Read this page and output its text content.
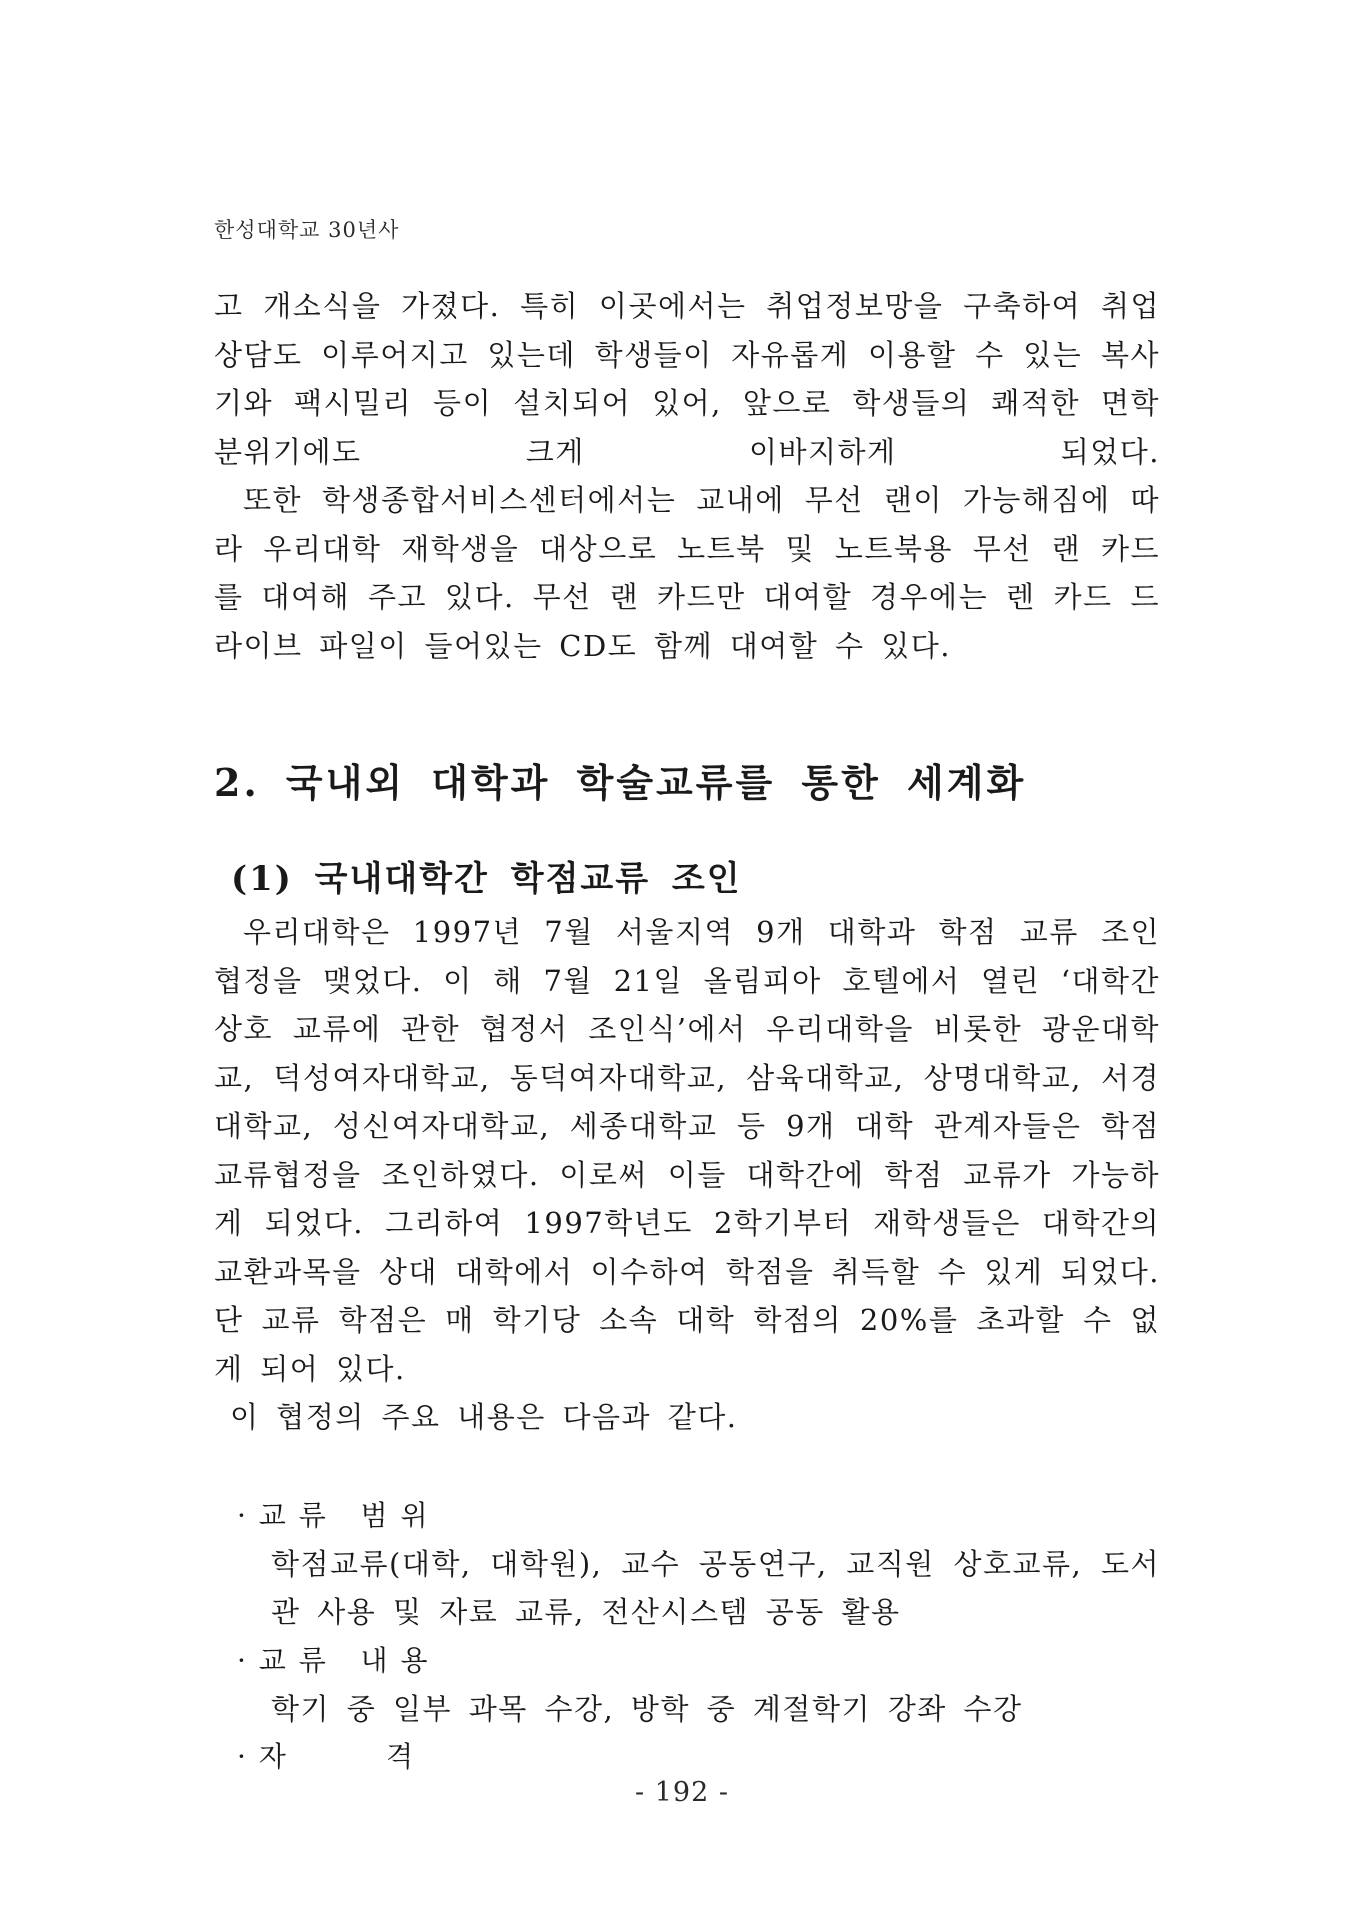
한성대학교 30년사

고 개소식을 가졌다. 특히 이곳에서는 취업정보망을 구축하여 취업 상담도 이루어지고 있는데 학생들이 자유롭게 이용할 수 있는 복사기와 팩시밀리 등이 설치되어 있어, 앞으로 학생들의 쾌적한 면학 분위기에도 크게 이바지하게 되었다.

또한 학생종합서비스센터에서는 교내에 무선 랜이 가능해짐에 따라 우리대학 재학생을 대상으로 노트북 및 노트북용 무선 랜 카드를 대여해 주고 있다. 무선 랜 카드만 대여할 경우에는 렌 카드 드라이브 파일이 들어있는 CD도 함께 대여할 수 있다.

2. 국내외 대학과 학술교류를 통한 세계화
(1) 국내대학간 학점교류 조인

우리대학은 1997년 7월 서울지역 9개 대학과 학점 교류 조인 협정을 맺었다. 이 해 7월 21일 올림피아 호텔에서 열린 ‘대학간 상호 교류에 관한 협정서 조인식’에서 우리대학을 비롯한 광운대학교, 덕성여자대학교, 동덕여자대학교, 삼육대학교, 상명대학교, 서경대학교, 성신여자대학교, 세종대학교 등 9개 대학 관계자들은 학점교류협정을 조인하였다. 이로써 이들 대학간에 학점 교류가 가능하게 되었다. 그리하여 1997학년도 2학기부터 재학생들은 대학간의 교환과목을 상대 대학에서 이수하여 학점을 취득할 수 있게 되었다. 단 교류 학점은 매 학기당 소속 대학 학점의 20%를 초과할 수 없게 되어 있다.

이 협정의 주요 내용은 다음과 같다.

· 교 류   범 위

학점교류(대학, 대학원), 교수 공동연구, 교직원 상호교류, 도서관 사용 및 자료 교류, 전산시스템 공동 활용

· 교 류   내 용

학기 중 일부 과목 수강, 방학 중 계절학기 강좌 수강

· 자         격
- 192 -
